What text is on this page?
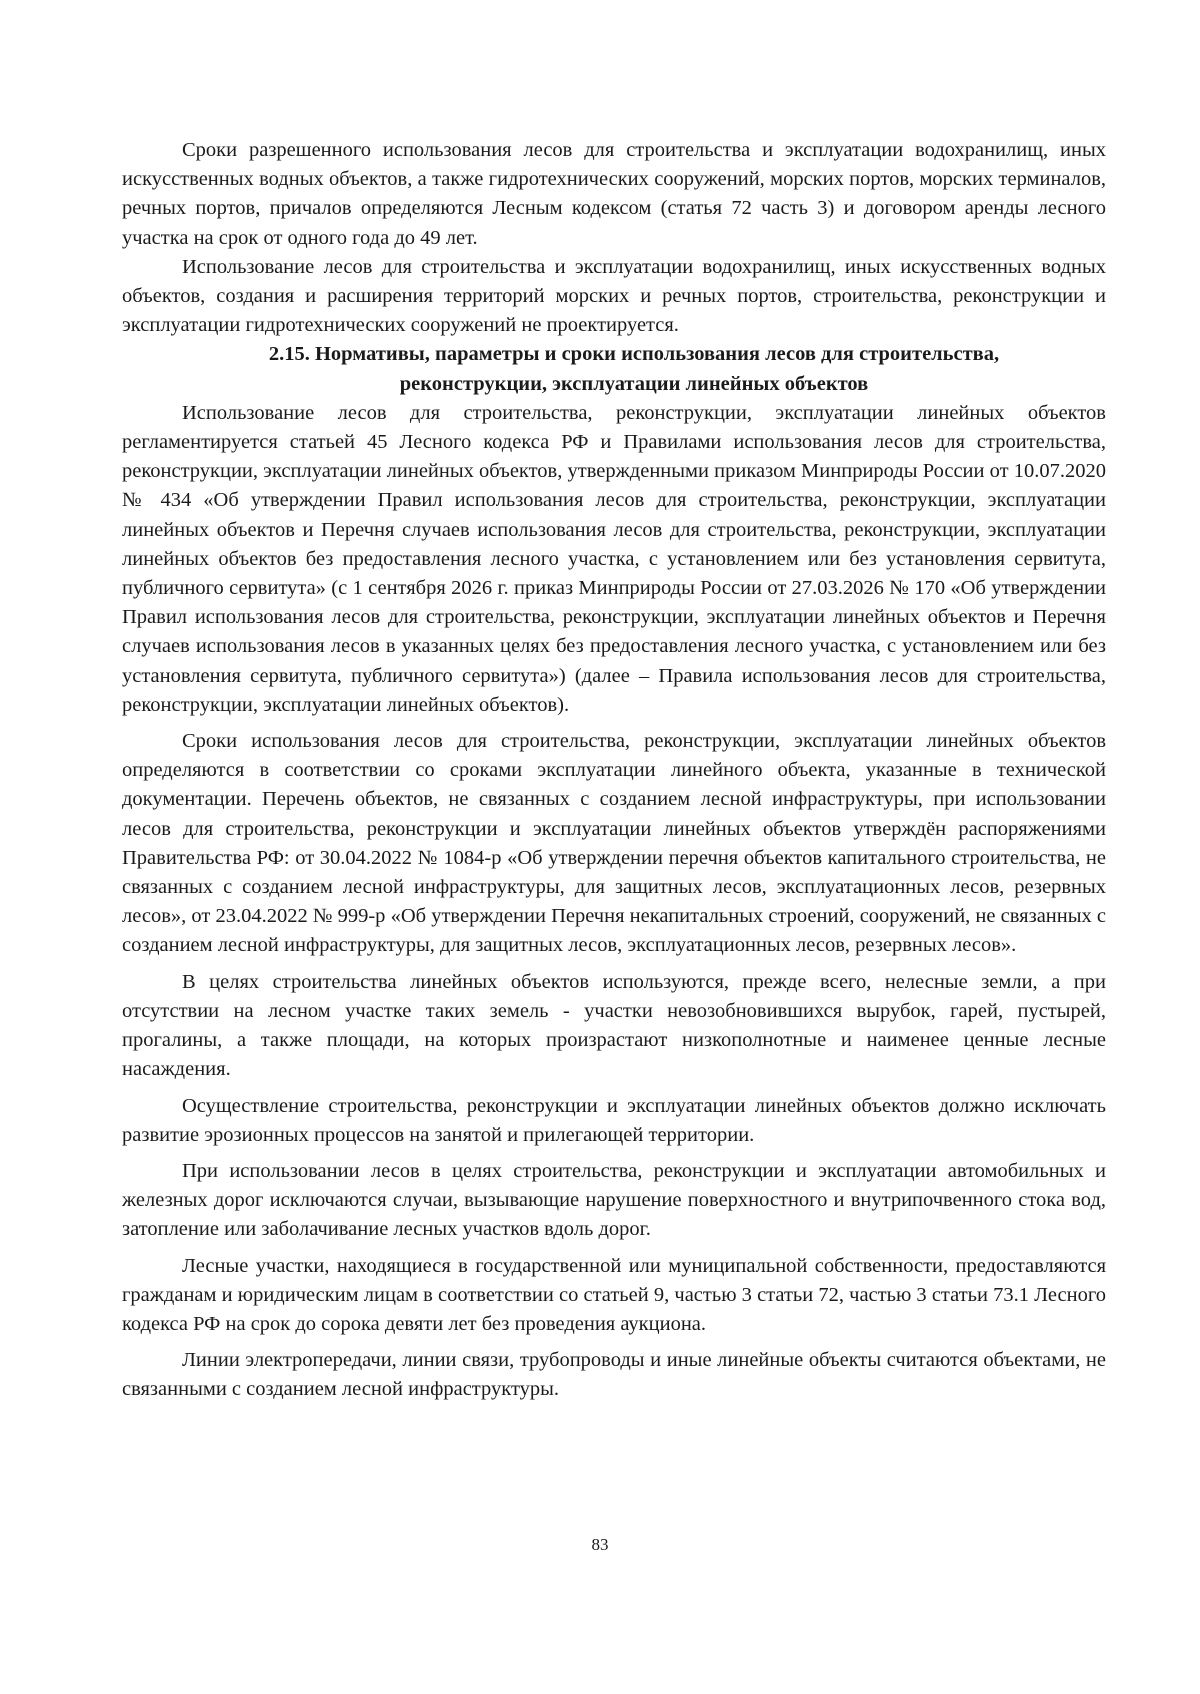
Сроки разрешенного использования лесов для строительства и эксплуатации водохранилищ, иных искусственных водных объектов, а также гидротехнических сооружений, морских портов, морских терминалов, речных портов, причалов определяются Лесным кодексом (статья 72 часть 3) и договором аренды лесного участка на срок от одного года до 49 лет.

Использование лесов для строительства и эксплуатации водохранилищ, иных искусственных водных объектов, создания и расширения территорий морских и речных портов, строительства, реконструкции и эксплуатации гидротехнических сооружений не проектируется.

2.15. Нормативы, параметры и сроки использования лесов для строительства,
реконструкции, эксплуатации линейных объектов

Использование лесов для строительства, реконструкции, эксплуатации линейных объектов регламентируется статьей 45 Лесного кодекса РФ и Правилами использования лесов для строительства, реконструкции, эксплуатации линейных объектов, утвержденными приказом Минприроды России от 10.07.2020 № 434 «Об утверждении Правил использования лесов для строительства, реконструкции, эксплуатации линейных объектов и Перечня случаев использования лесов для строительства, реконструкции, эксплуатации линейных объектов без предоставления лесного участка, с установлением или без установления сервитута, публичного сервитута» (с 1 сентября 2026 г. приказ Минприроды России от 27.03.2026 № 170 «Об утверждении Правил использования лесов для строительства, реконструкции, эксплуатации линейных объектов и Перечня случаев использования лесов в указанных целях без предоставления лесного участка, с установлением или без установления сервитута, публичного сервитута») (далее – Правила использования лесов для строительства, реконструкции, эксплуатации линейных объектов).

Сроки использования лесов для строительства, реконструкции, эксплуатации линейных объектов определяются в соответствии со сроками эксплуатации линейного объекта, указанные в технической документации. Перечень объектов, не связанных с созданием лесной инфраструктуры, при использовании лесов для строительства, реконструкции и эксплуатации линейных объектов утверждён распоряжениями Правительства РФ: от 30.04.2022 № 1084-р «Об утверждении перечня объектов капитального строительства, не связанных с созданием лесной инфраструктуры, для защитных лесов, эксплуатационных лесов, резервных лесов», от 23.04.2022 № 999-р «Об утверждении Перечня некапитальных строений, сооружений, не связанных с созданием лесной инфраструктуры, для защитных лесов, эксплуатационных лесов, резервных лесов».

В целях строительства линейных объектов используются, прежде всего, нелесные земли, а при отсутствии на лесном участке таких земель - участки невозобновившихся вырубок, гарей, пустырей, прогалины, а также площади, на которых произрастают низкополнотные и наименее ценные лесные насаждения.

Осуществление строительства, реконструкции и эксплуатации линейных объектов должно исключать развитие эрозионных процессов на занятой и прилегающей территории.

При использовании лесов в целях строительства, реконструкции и эксплуатации автомобильных и железных дорог исключаются случаи, вызывающие нарушение поверхностного и внутрипочвенного стока вод, затопление или заболачивание лесных участков вдоль дорог.

Лесные участки, находящиеся в государственной или муниципальной собственности, предоставляются гражданам и юридическим лицам в соответствии со статьей 9, частью 3 статьи 72, частью 3 статьи 73.1 Лесного кодекса РФ на срок до сорока девяти лет без проведения аукциона.

Линии электропередачи, линии связи, трубопроводы и иные линейные объекты считаются объектами, не связанными с созданием лесной инфраструктуры.

83
